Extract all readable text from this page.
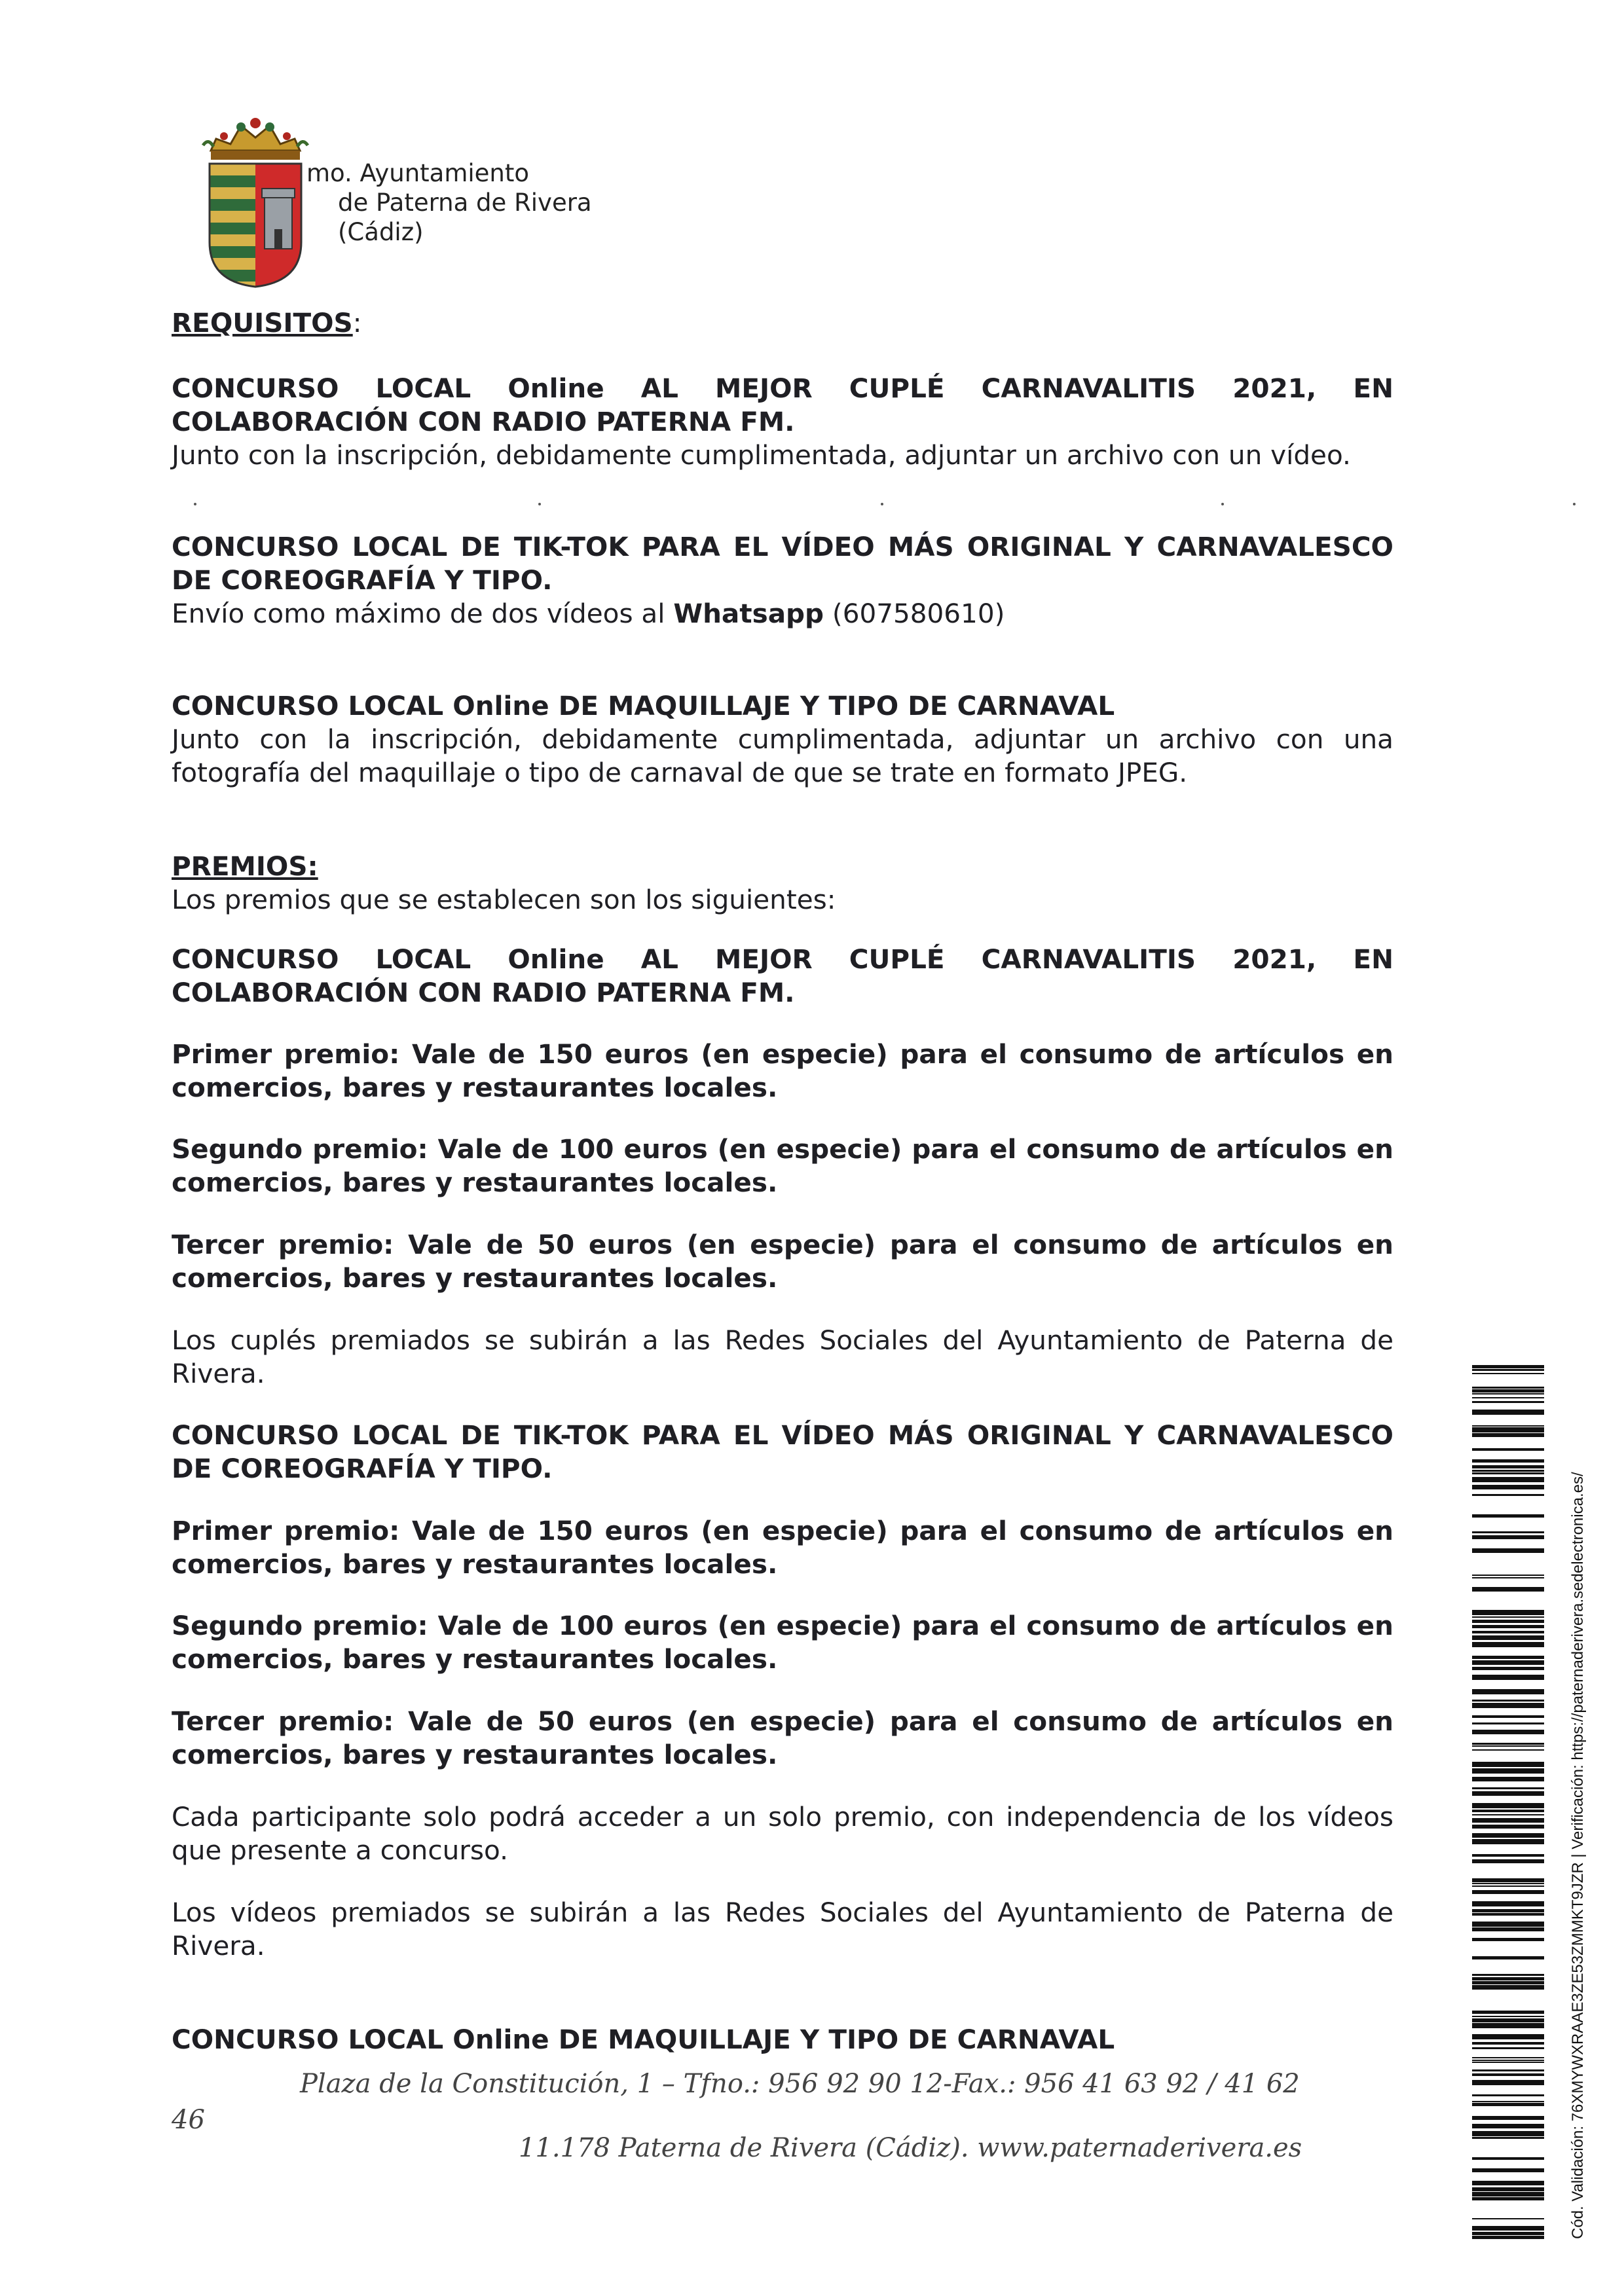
mo. Ayuntamiento
de Paterna de Rivera
(Cádiz)

REQUISITOS:

CONCURSO LOCAL Online AL MEJOR CUPLÉ CARNAVALITIS 2021, EN COLABORACIÓN CON RADIO PATERNA FM.

Junto con la inscripción, debidamente cumplimentada, adjuntar un archivo con un vídeo.

CONCURSO LOCAL DE TIK-TOK PARA EL VÍDEO MÁS ORIGINAL Y CARNAVALESCO DE COREOGRAFÍA Y TIPO.

Envío como máximo de dos vídeos al Whatsapp (607580610)

CONCURSO LOCAL Online DE MAQUILLAJE Y TIPO DE CARNAVAL

Junto con la inscripción, debidamente cumplimentada, adjuntar un archivo con una fotografía del maquillaje o tipo de carnaval de que se trate en formato JPEG.

PREMIOS:

Los premios que se establecen son los siguientes:

CONCURSO LOCAL Online AL MEJOR CUPLÉ CARNAVALITIS 2021, EN COLABORACIÓN CON RADIO PATERNA FM.

Primer premio: Vale de 150 euros (en especie) para el consumo de artículos en comercios, bares y restaurantes locales.

Segundo premio: Vale de 100 euros (en especie) para el consumo de artículos en comercios, bares y restaurantes locales.

Tercer premio: Vale de 50 euros (en especie) para el consumo de artículos en comercios, bares y restaurantes locales.

Los cuplés premiados se subirán a las Redes Sociales del Ayuntamiento de Paterna de Rivera.

CONCURSO LOCAL DE TIK-TOK PARA EL VÍDEO MÁS ORIGINAL Y CARNAVALESCO DE COREOGRAFÍA Y TIPO.

Primer premio: Vale de 150 euros (en especie) para el consumo de artículos en comercios, bares y restaurantes locales.

Segundo premio: Vale de 100 euros (en especie) para el consumo de artículos en comercios, bares y restaurantes locales.

Tercer premio: Vale de 50 euros (en especie) para el consumo de artículos en comercios, bares y restaurantes locales.

Cada participante solo podrá acceder a un solo premio, con independencia de los vídeos que presente a concurso.

Los vídeos premiados se subirán a las Redes Sociales del Ayuntamiento de Paterna de Rivera.

CONCURSO LOCAL Online DE MAQUILLAJE Y TIPO DE CARNAVAL

Plaza de la Constitución, 1 – Tfno.: 956 92 90 12-Fax.: 956 41 63 92 / 41 62
46
11.178 Paterna de Rivera (Cádiz). www.paternaderivera.es	Cód. Validación: 76XMYWXRAAE3ZE53ZMMKT9JZR | Verificación: https://paternaderivera.sedelectronica.es/
